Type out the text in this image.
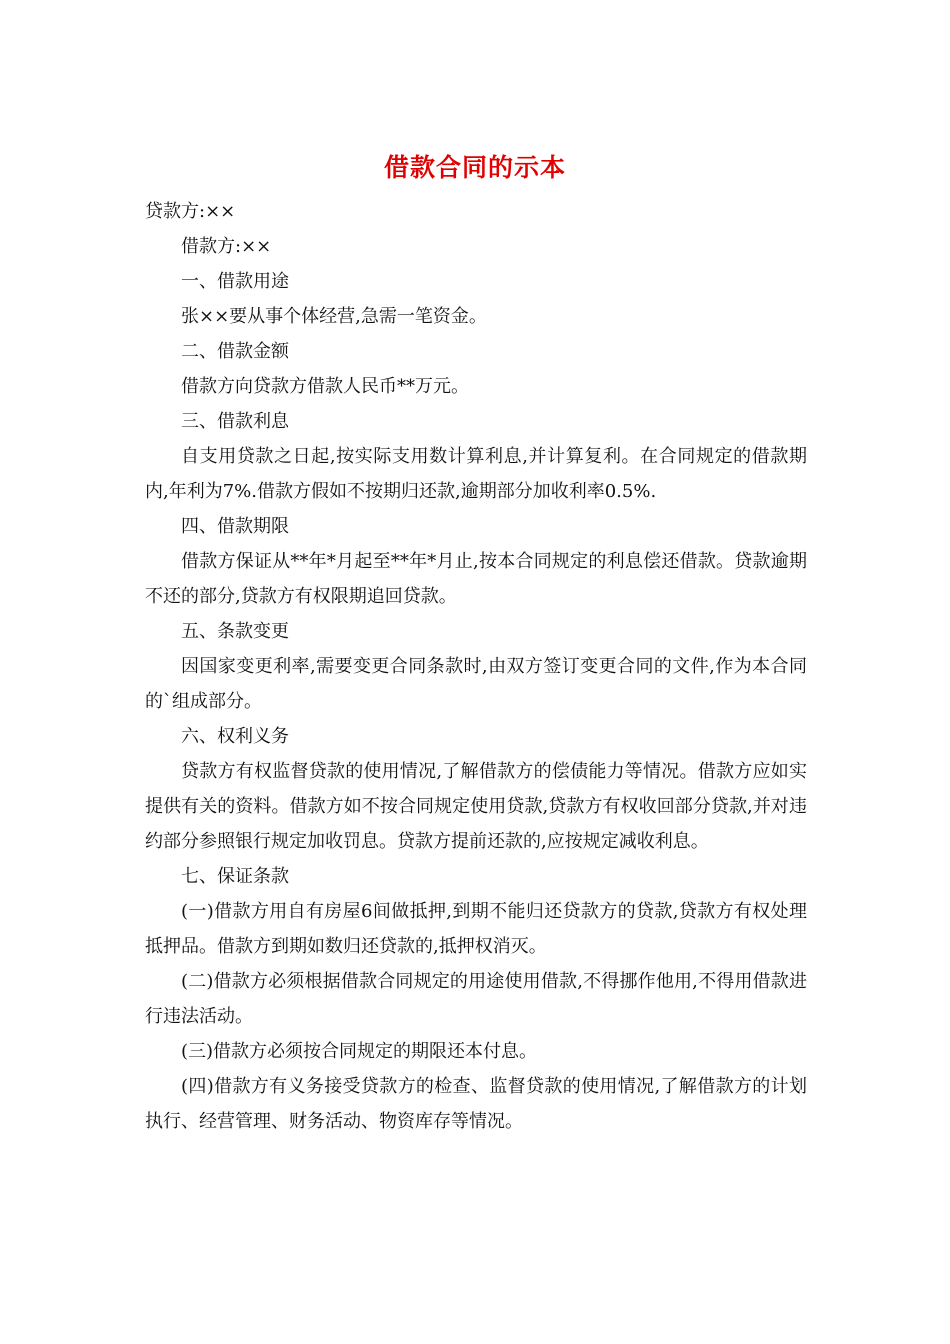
借款合同的示本

贷款方:××

借款方:××

一、借款用途

张××要从事个体经营,急需一笔资金。

二、借款金额

借款方向贷款方借款人民币**万元。

三、借款利息

自支用贷款之日起,按实际支用数计算利息,并计算复利。在合同规定的借款期内,年利为7%.借款方假如不按期归还款,逾期部分加收利率0.5%.

四、借款期限

借款方保证从**年*月起至**年*月止,按本合同规定的利息偿还借款。贷款逾期不还的部分,贷款方有权限期追回贷款。

五、条款变更

因国家变更利率,需要变更合同条款时,由双方签订变更合同的文件,作为本合同的`组成部分。

六、权利义务

贷款方有权监督贷款的使用情况,了解借款方的偿债能力等情况。借款方应如实提供有关的资料。借款方如不按合同规定使用贷款,贷款方有权收回部分贷款,并对违约部分参照银行规定加收罚息。贷款方提前还款的,应按规定减收利息。

七、保证条款

(一)借款方用自有房屋6间做抵押,到期不能归还贷款方的贷款,贷款方有权处理抵押品。借款方到期如数归还贷款的,抵押权消灭。

(二)借款方必须根据借款合同规定的用途使用借款,不得挪作他用,不得用借款进行违法活动。

(三)借款方必须按合同规定的期限还本付息。

(四)借款方有义务接受贷款方的检查、监督贷款的使用情况,了解借款方的计划执行、经营管理、财务活动、物资库存等情况。
